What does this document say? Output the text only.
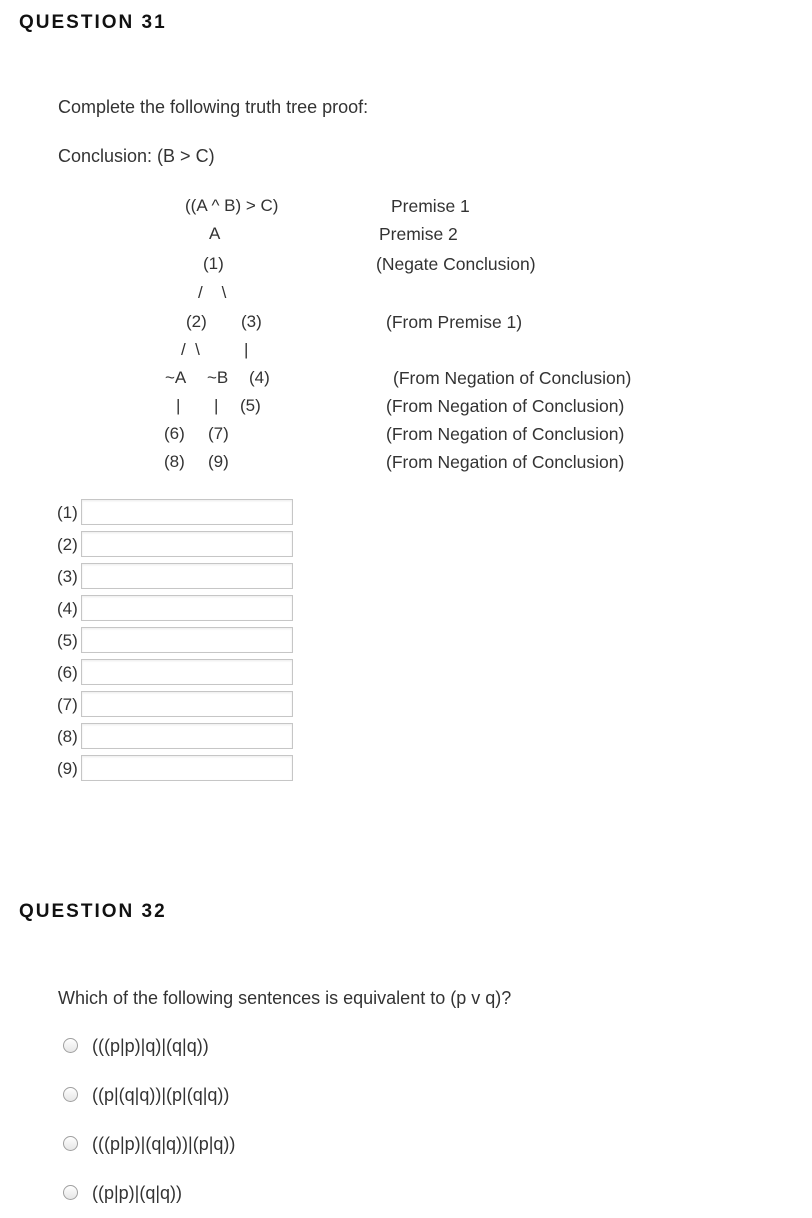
QUESTION 31
Complete the following truth tree proof:
Conclusion: (B > C)
((A ^ B) > C)
A
(1)
/    \
(2) (3)
/  \	|
~A ~B (4)
| | (5)
(6) (7)
(8) (9)
Premise 1
Premise 2
(Negate Conclusion)
(From Premise 1)
(From Negation of Conclusion)
(From Negation of Conclusion)
(From Negation of Conclusion)
(From Negation of Conclusion)
(1)
(2)
(3)
(4)
(5)
(6)
(7)
(8)
(9)
QUESTION 32
Which of the following sentences is equivalent to (p v q)?
(((p|p)|q)|(q|q))
((p|(q|q))|(p|(q|q))
(((p|p)|(q|q))|(p|q))
((p|p)|(q|q))
